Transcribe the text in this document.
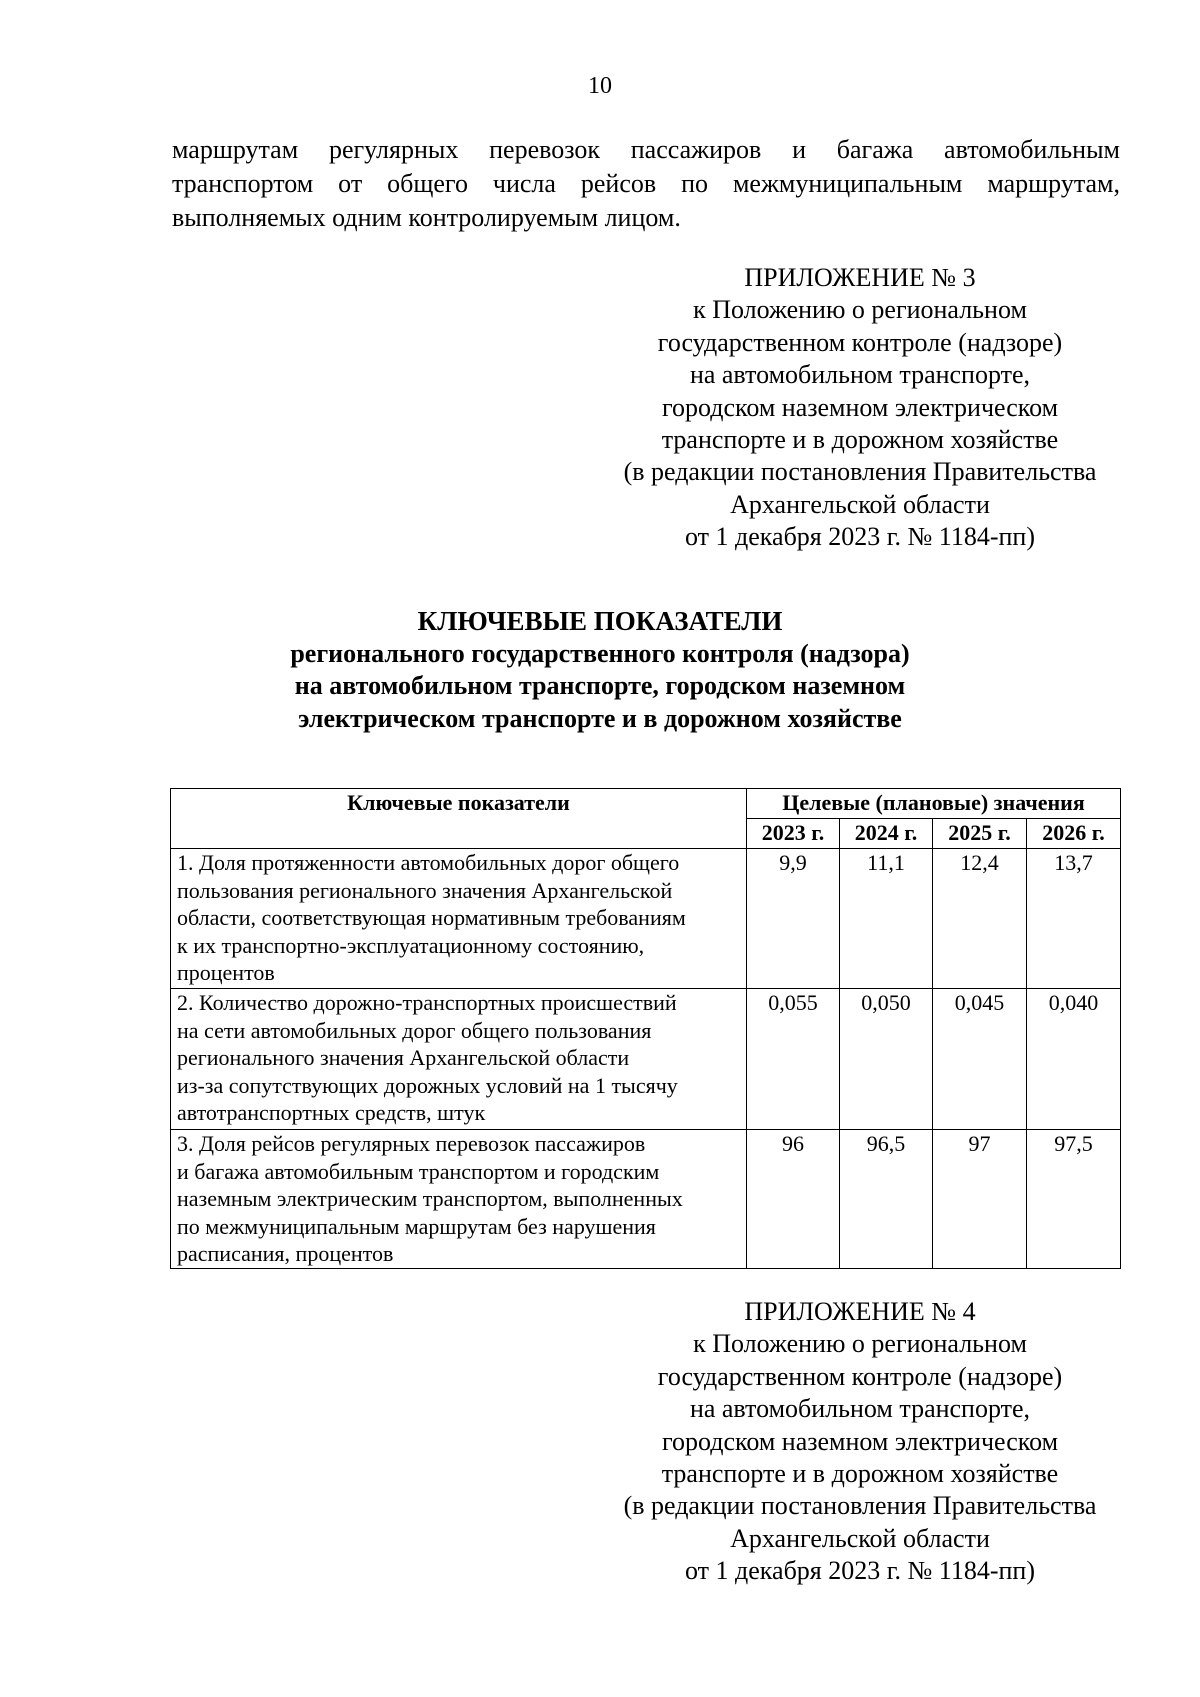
10
маршрутам регулярных перевозок пассажиров и багажа автомобильным
транспортом от общего числа рейсов по межмуниципальным маршрутам,
выполняемых одним контролируемым лицом.
ПРИЛОЖЕНИЕ № 3
к Положению о региональном
государственном контроле (надзоре)
на автомобильном транспорте,
городском наземном электрическом
транспорте и в дорожном хозяйстве
(в редакции постановления Правительства
Архангельской области
от 1 декабря 2023 г. № 1184-пп)
КЛЮЧЕВЫЕ ПОКАЗАТЕЛИ
регионального государственного контроля (надзора)
на автомобильном транспорте, городском наземном
электрическом транспорте и в дорожном хозяйстве
Ключевые показатели	Целевые (плановые) значения			
	2023 г.	2024 г.	2025 г.	2026 г.

1. Доля протяженности автомобильных дорог общего
пользования регионального значения Архангельской
области, соответствующая нормативным требованиям
к их транспортно-эксплуатационному состоянию,
процентов	9,9	11,1	12,4	13,7

2. Количество дорожно-транспортных происшествий
на сети автомобильных дорог общего пользования
регионального значения Архангельской области
из-за сопутствующих дорожных условий на 1 тысячу
автотранспортных средств, штук	0,055	0,050	0,045	0,040

3. Доля рейсов регулярных перевозок пассажиров
и багажа автомобильным транспортом и городским
наземным электрическим транспортом, выполненных
по межмуниципальным маршрутам без нарушения
расписания, процентов	96	96,5	97	97,5
ПРИЛОЖЕНИЕ № 4
к Положению о региональном
государственном контроле (надзоре)
на автомобильном транспорте,
городском наземном электрическом
транспорте и в дорожном хозяйстве
(в редакции постановления Правительства
Архангельской области
от 1 декабря 2023 г. № 1184-пп)
